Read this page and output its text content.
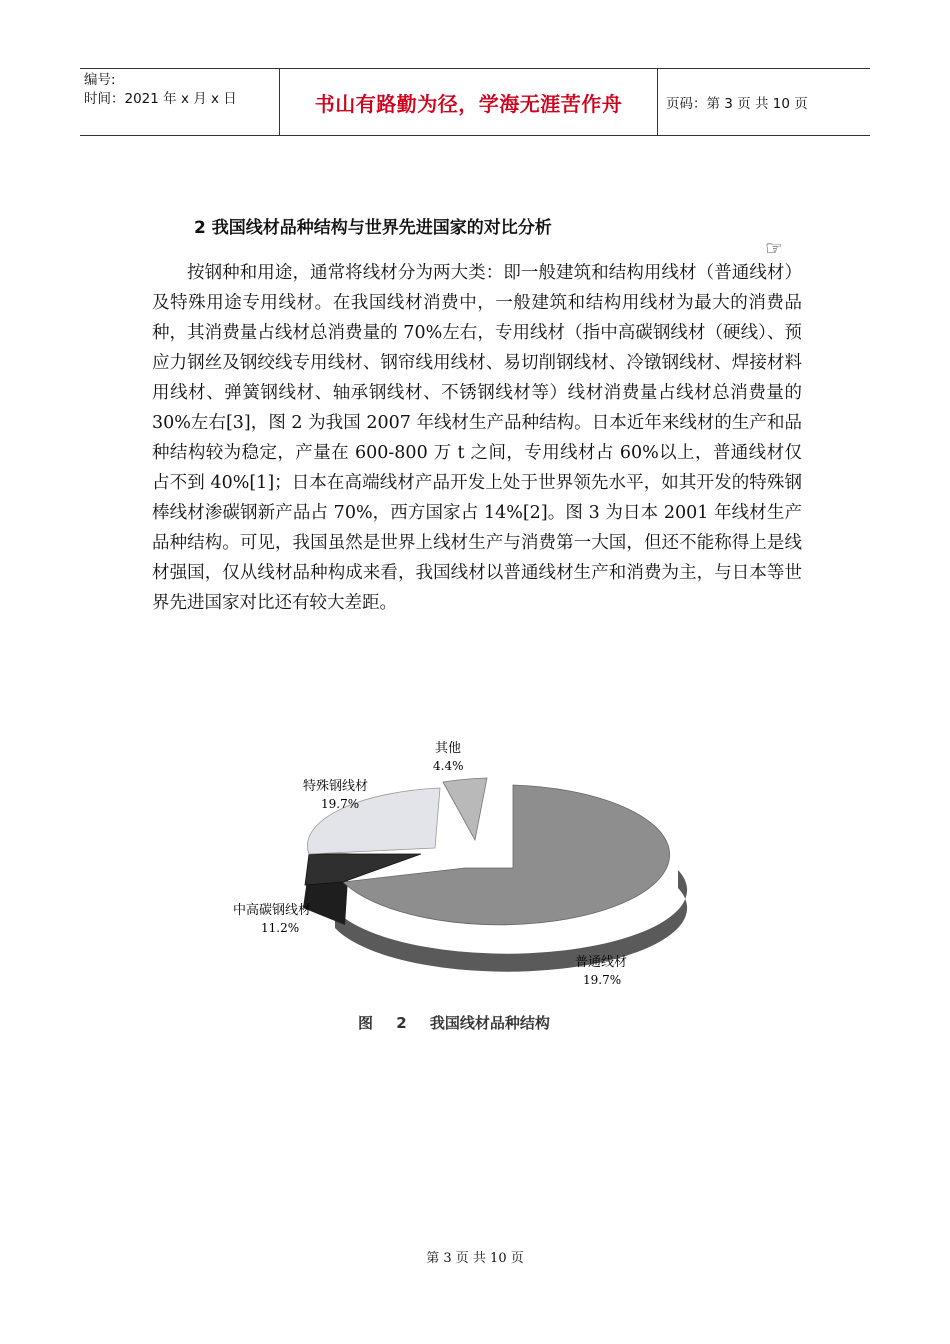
编号:
时间：2021 年 x 月 x 日	书山有路勤为径，学海无涯苦作舟	页码：第 3 页 共 10 页
2 我国线材品种结构与世界先进国家的对比分析
☞
按钢种和用途，通常将线材分为两大类：即一般建筑和结构用线材（普通线材）及特殊用途专用线材。在我国线材消费中，一般建筑和结构用线材为最大的消费品种，其消费量占线材总消费量的 70%左右，专用线材（指中高碳钢线材（硬线）、预应力钢丝及钢绞线专用线材、钢帘线用线材、易切削钢线材、冷镦钢线材、焊接材料用线材、弹簧钢线材、轴承钢线材、不锈钢线材等）线材消费量占线材总消费量的 30%左右[3]，图 2 为我国 2007 年线材生产品种结构。日本近年来线材的生产和品种结构较为稳定，产量在 600-800 万 t 之间，专用线材占 60%以上，普通线材仅占不到 40%[1]；日本在高端线材产品开发上处于世界领先水平，如其开发的特殊钢棒线材渗碳钢新产品占 70%，西方国家占 14%[2]。图 3 为日本 2001 年线材生产品种结构。可见，我国虽然是世界上线材生产与消费第一大国，但还不能称得上是线材强国，仅从线材品种构成来看，我国线材以普通线材生产和消费为主，与日本等世界先进国家对比还有较大差距。
其他
4.4%
特殊钢线材
19.7%
中高碳钢线材
11.2%
普通线材
19.7%
图 2 我国线材品种结构
第 3 页 共 10 页
